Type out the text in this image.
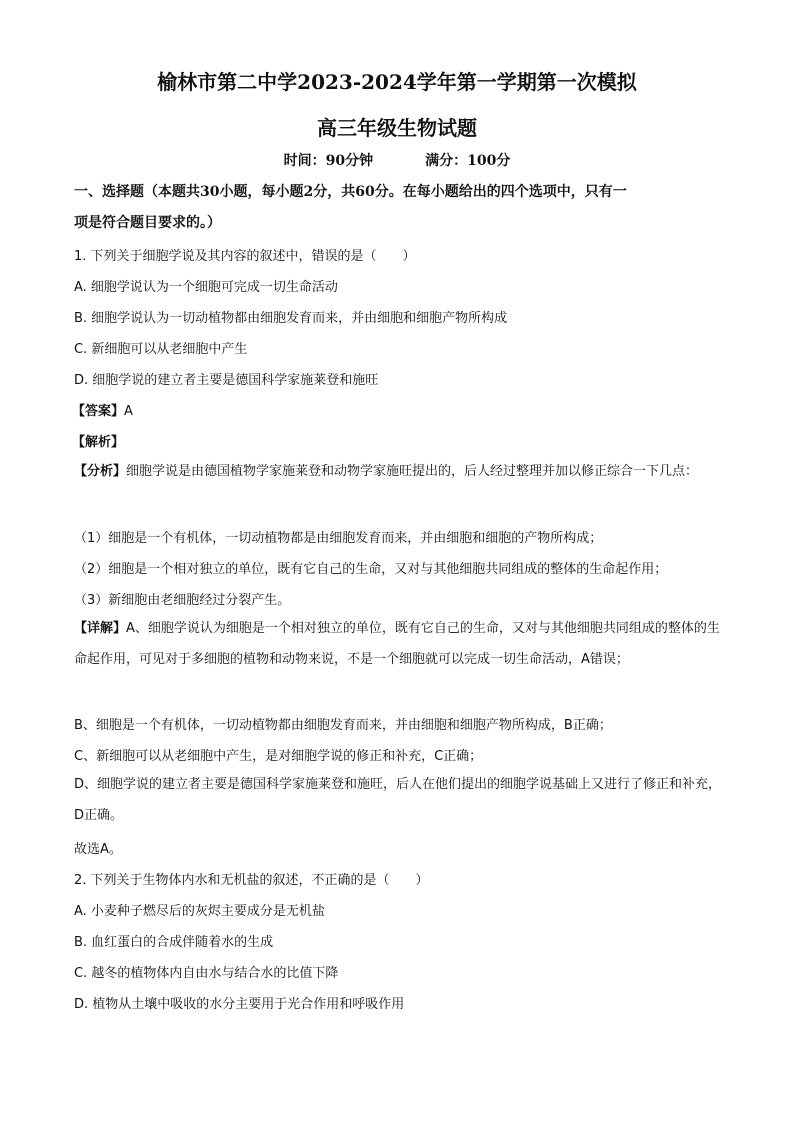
榆林市第二中学2023-2024学年第一学期第一次模拟
高三年级生物试题
时间：90分钟	满分：100分
一、选择题（本题共30小题，每小题2分，共60分。在每小题给出的四个选项中，只有一
项是符合题目要求的。）
1. 下列关于细胞学说及其内容的叙述中，错误的是（　　）
A. 细胞学说认为一个细胞可完成一切生命活动
B. 细胞学说认为一切动植物都由细胞发育而来，并由细胞和细胞产物所构成
C. 新细胞可以从老细胞中产生
D. 细胞学说的建立者主要是德国科学家施莱登和施旺
【答案】A
【解析】
【分析】细胞学说是由德国植物学家施莱登和动物学家施旺提出的，后人经过整理并加以修正综合一下几点：
（1）细胞是一个有机体，一切动植物都是由细胞发育而来，并由细胞和细胞的产物所构成；
（2）细胞是一个相对独立的单位，既有它自己的生命，又对与其他细胞共同组成的整体的生命起作用；
（3）新细胞由老细胞经过分裂产生。
【详解】A、细胞学说认为细胞是一个相对独立的单位，既有它自己的生命，又对与其他细胞共同组成的整体的生命起作用，可见对于多细胞的植物和动物来说，不是一个细胞就可以完成一切生命活动，A错误；
B、细胞是一个有机体，一切动植物都由细胞发育而来，并由细胞和细胞产物所构成，B正确；
C、新细胞可以从老细胞中产生，是对细胞学说的修正和补充，C正确；
D、细胞学说的建立者主要是德国科学家施莱登和施旺，后人在他们提出的细胞学说基础上又进行了修正和补充，D正确。
故选A。
2. 下列关于生物体内水和无机盐的叙述，不正确的是（　　）
A. 小麦种子燃尽后的灰烬主要成分是无机盐
B. 血红蛋白的合成伴随着水的生成
C. 越冬的植物体内自由水与结合水的比值下降
D. 植物从土壤中吸收的水分主要用于光合作用和呼吸作用
